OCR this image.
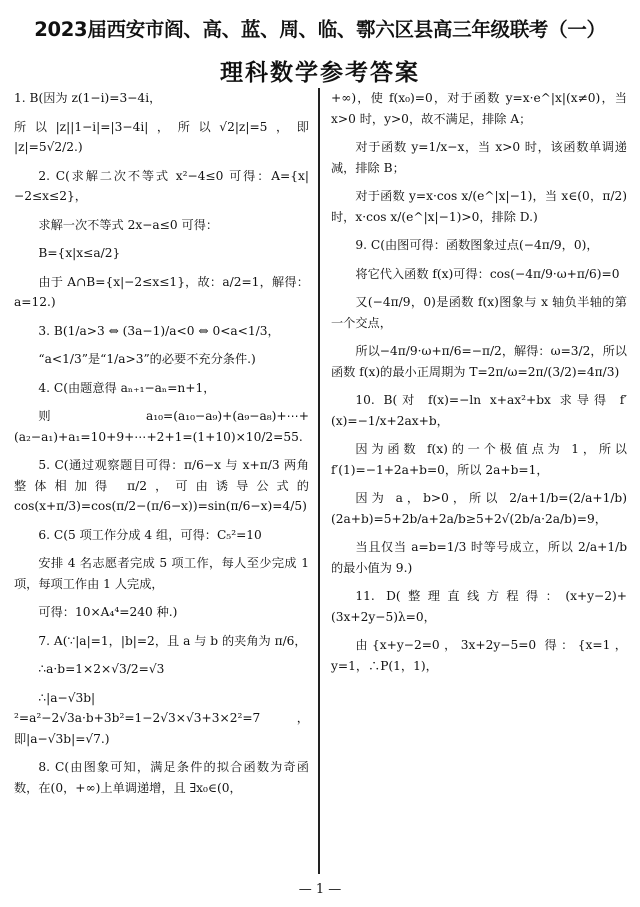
2023届西安市阎、高、蓝、周、临、鄠六区县高三年级联考（一）
理科数学参考答案

1. B(因为 z(1−i)=3−4i，

所以|z||1−i|=|3−4i|，所以√2|z|=5，即 |z|=5√2/2.)

2. C(求解二次不等式 x²−4≤0 可得：A={x|−2≤x≤2}，

求解一次不等式 2x−a≤0 可得：

B={x|x≤a/2}

由于 A∩B={x|−2≤x≤1}，故：a/2=1，解得：a=12.)

3. B(1/a>3 ⇔ (3a−1)/a<0 ⇔ 0<a<1/3，

“a<1/3”是“1/a>3”的必要不充分条件.)

4. C(由题意得 aₙ₊₁−aₙ=n+1，

则 a₁₀=(a₁₀−a₉)+(a₉−a₈)+⋯+(a₂−a₁)+a₁=10+9+⋯+2+1=(1+10)×10/2=55.

5. C(通过观察题目可得：π/6−x 与 x+π/3 两角整体相加得 π/2，可由诱导公式的 cos(x+π/3)=cos(π/2−(π/6−x))=sin(π/6−x)=4/5)

6. C(5 项工作分成 4 组，可得：C₅²=10

安排 4 名志愿者完成 5 项工作，每人至少完成 1 项，每项工作由 1 人完成，

可得：10×A₄⁴=240 种.)

7. A(∵|a|=1，|b|=2，且 a 与 b 的夹角为 π/6，

∴a·b=1×2×√3/2=√3

∴|a−√3b|²=a²−2√3a·b+3b²=1−2√3×√3+3×2²=7，即|a−√3b|=√7.)

8. C(由图象可知，满足条件的拟合函数为奇函数，在(0，+∞)上单调递增，且 ∃x₀∈(0，

+∞)，使 f(x₀)=0，对于函数 y=x·e^|x|(x≠0)，当 x>0 时，y>0，故不满足，排除 A；

对于函数 y=1/x−x，当 x>0 时，该函数单调递减，排除 B；

对于函数 y=x·cos x/(e^|x|−1)，当 x∈(0，π/2)时，x·cos x/(e^|x|−1)>0，排除 D.)

9. C(由图可得：函数图象过点(−4π/9，0)，

将它代入函数 f(x)可得：cos(−4π/9·ω+π/6)=0

又(−4π/9，0)是函数 f(x)图象与 x 轴负半轴的第一个交点，

所以−4π/9·ω+π/6=−π/2，解得：ω=3/2，所以函数 f(x)的最小正周期为 T=2π/ω=2π/(3/2)=4π/3)

10. B(对 f(x)=−ln x+ax²+bx 求导得 f′(x)=−1/x+2ax+b，

因为函数 f(x)的一个极值点为 1，所以 f′(1)=−1+2a+b=0，所以 2a+b=1，

因为 a，b>0，所以 2/a+1/b=(2/a+1/b)(2a+b)=5+2b/a+2a/b≥5+2√(2b/a·2a/b)=9，

当且仅当 a=b=1/3 时等号成立，所以 2/a+1/b 的最小值为 9.)

11. D(整理直线方程得：(x+y−2)+(3x+2y−5)λ=0，

由{x+y−2=0，3x+2y−5=0 得：{x=1，y=1，∴P(1，1)，

— 1 —
